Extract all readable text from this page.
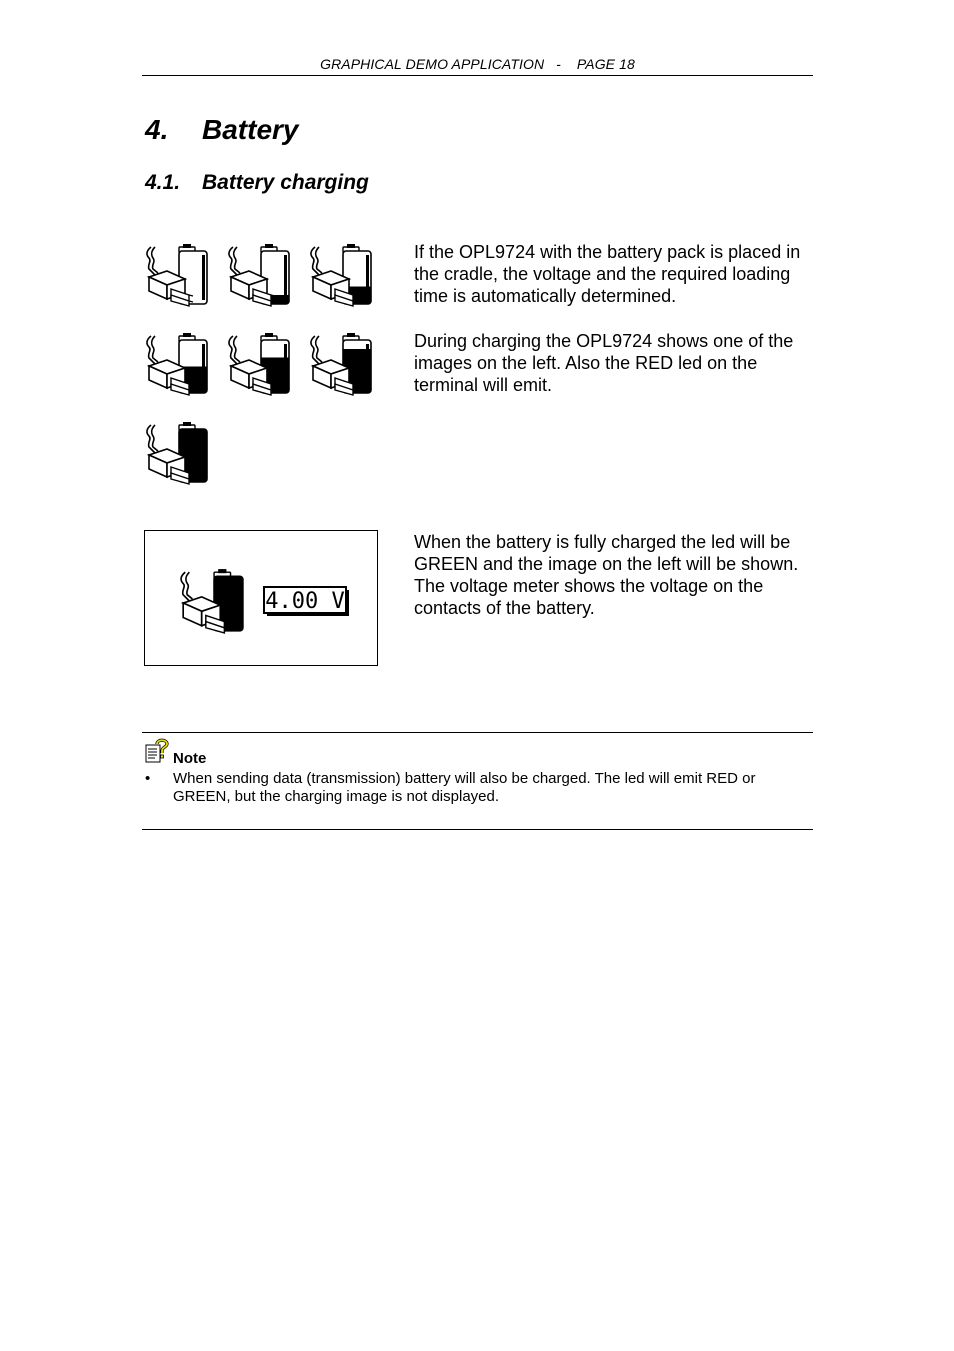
GRAPHICAL DEMO APPLICATION   -    PAGE 18
4. Battery
4.1. Battery charging
If the OPL9724 with the battery pack is placed in the cradle, the voltage and the required loading time is automatically determined.
During charging the OPL9724 shows one of the images on the left. Also the RED led on the terminal will emit.
4.00 V
When the battery is fully charged the led will be GREEN and the image on the left will be shown. The voltage meter shows the voltage on the contacts of the battery.
Note
• When sending data (transmission) battery will also be charged. The led will emit RED or GREEN, but the charging image is not displayed.
